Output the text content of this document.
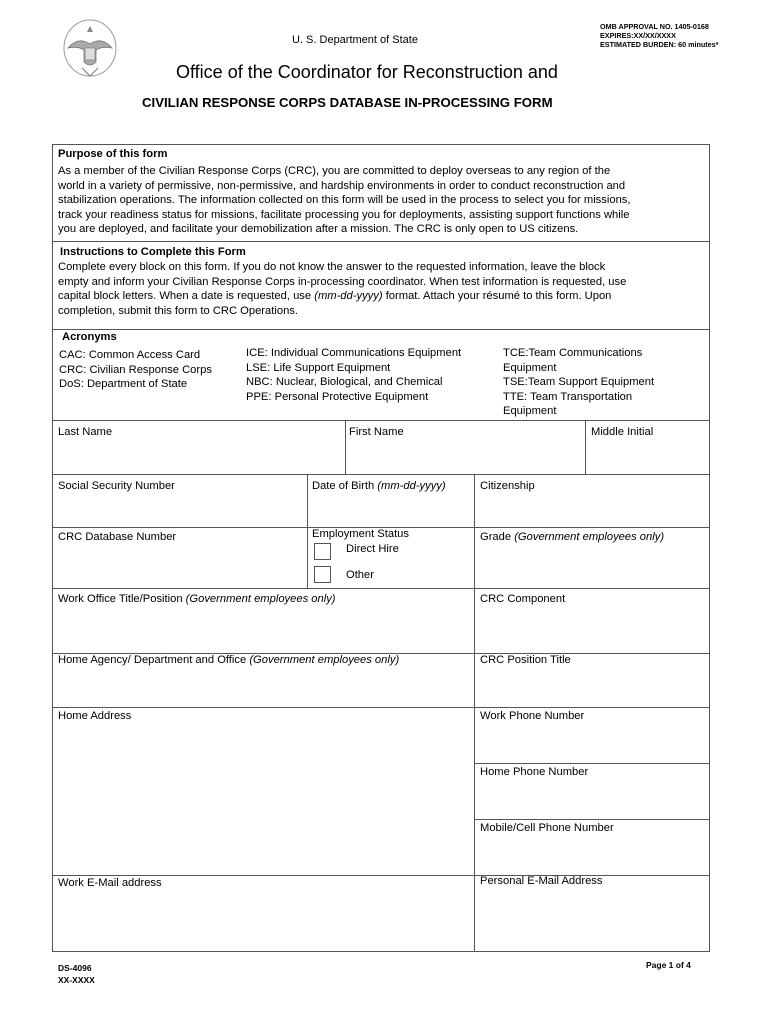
U. S. Department of State
OMB APPROVAL NO. 1405-0168
EXPIRES:XX/XX/XXXX
ESTIMATED BURDEN: 60 minutes*
Office of the Coordinator for Reconstruction and
CIVILIAN RESPONSE CORPS DATABASE IN-PROCESSING FORM
Purpose of this form
As a member of the Civilian Response Corps (CRC), you are committed to deploy overseas to any region of the
world in a variety of permissive, non-permissive, and hardship environments in order to conduct reconstruction and
stabilization operations. The information collected on this form will be used in the process to select you for missions,
track your readiness status for missions, facilitate processing you for deployments, assisting support functions while
you are deployed, and facilitate your demobilization after a mission. The CRC is only open to US citizens.
Instructions to Complete this Form
Complete every block on this form. If you do not know the answer to the requested information, leave the block
empty and inform your Civilian Response Corps in-processing coordinator. When test information is requested, use
capital block letters. When a date is requested, use (mm-dd-yyyy) format. Attach your résumé to this form. Upon
completion, submit this form to CRC Operations.
Acronyms
CAC: Common Access Card
CRC: Civilian Response Corps
DoS: Department of State
ICE: Individual Communications Equipment
LSE: Life Support Equipment
NBC: Nuclear, Biological, and Chemical
PPE: Personal Protective Equipment
TCE:Team Communications
Equipment
TSE:Team Support Equipment
TTE: Team Transportation
Equipment
Last Name	First Name	Middle Initial
Social Security Number	Date of Birth (mm-dd-yyyy)	Citizenship
CRC Database Number	Employment Status
Direct Hire
Other
Grade (Government employees only)
Work Office Title/Position (Government employees only)	CRC Component
Home Agency/ Department and Office (Government employees only)	CRC Position Title
Home Address	Work Phone Number
Home Phone Number
Mobile/Cell Phone Number
Work E-Mail address	Personal E-Mail Address
DS-4096
XX-XXXX
Page 1 of 4
